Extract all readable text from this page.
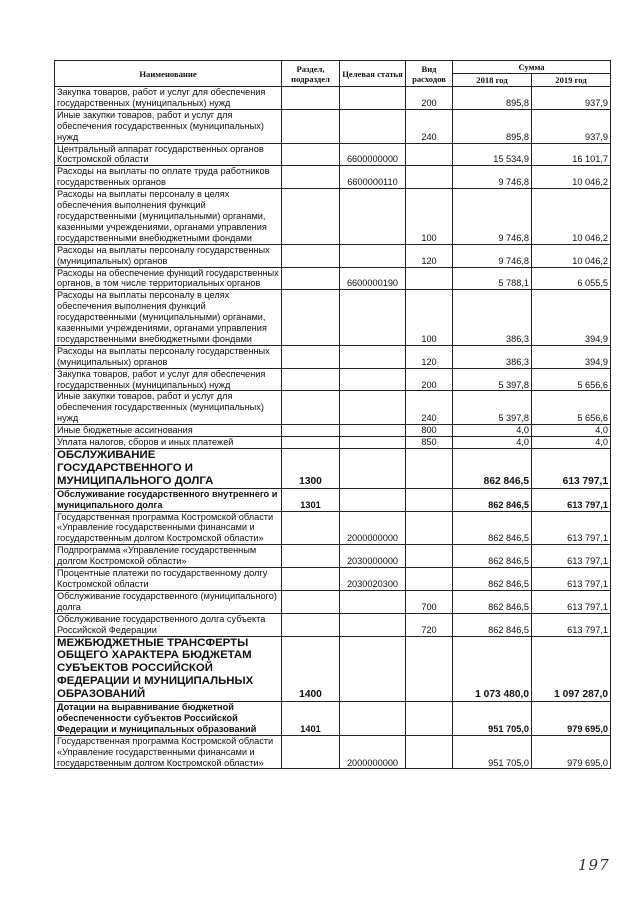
Наименование	Раздел, подраздел	Целевая статья	Вид расходов	Сумма	
				2018 год	2019 год
Закупка товаров, работ и услуг для обеспечения государственных (муниципальных) нужд			200	895,8	937,9
Иные закупки товаров, работ и услуг для обеспечения государственных (муниципальных) нужд			240	895,8	937,9
Центральный аппарат государственных органов Костромской области		6600000000		15 534,9	16 101,7
Расходы на выплаты по оплате труда работников государственных органов		6600000110		9 746,8	10 046,2
Расходы на выплаты персоналу в целях обеспечения выполнения функций государственными (муниципальными) органами, казенными учреждениями, органами управления государственными внебюджетными фондами			100	9 746,8	10 046,2
Расходы на выплаты персоналу государственных (муниципальных) органов			120	9 746,8	10 046,2
Расходы на обеспечение функций государственных органов, в том числе территориальных органов		6600000190		5 788,1	6 055,5
Расходы на выплаты персоналу в целях обеспечения выполнения функций государственными (муниципальными) органами, казенными учреждениями, органами управления государственными внебюджетными фондами			100	386,3	394,9
Расходы на выплаты персоналу государственных (муниципальных) органов			120	386,3	394,9
Закупка товаров, работ и услуг для обеспечения государственных (муниципальных) нужд			200	5 397,8	5 656,6
Иные закупки товаров, работ и услуг для обеспечения государственных (муниципальных) нужд			240	5 397,8	5 656,6
Иные бюджетные ассигнования			800	4,0	4,0
Уплата налогов, сборов и иных платежей			850	4,0	4,0
ОБСЛУЖИВАНИЕ ГОСУДАРСТВЕННОГО И МУНИЦИПАЛЬНОГО ДОЛГА	1300			862 846,5	613 797,1
Обслуживание государственного внутреннего и муниципального долга	1301			862 846,5	613 797,1
Государственная программа Костромской области «Управление государственными финансами и государственным долгом Костромской области»		2000000000		862 846,5	613 797,1
Подпрограмма «Управление государственным долгом Костромской области»		2030000000		862 846,5	613 797,1
Процентные платежи по государственному долгу Костромской области		2030020300		862 846,5	613 797,1
Обслуживание государственного (муниципального) долга			700	862 846,5	613 797,1
Обслуживание государственного долга субъекта Российской Федерации			720	862 846,5	613 797,1
МЕЖБЮДЖЕТНЫЕ ТРАНСФЕРТЫ ОБЩЕГО ХАРАКТЕРА БЮДЖЕТАМ СУБЪЕКТОВ РОССИЙСКОЙ ФЕДЕРАЦИИ И МУНИЦИПАЛЬНЫХ ОБРАЗОВАНИЙ	1400			1 073 480,0	1 097 287,0
Дотации на выравнивание бюджетной обеспеченности субъектов Российской Федерации и муниципальных образований	1401			951 705,0	979 695,0
Государственная программа Костромской области «Управление государственными финансами и государственным долгом Костромской области»		2000000000		951 705,0	979 695,0
197
